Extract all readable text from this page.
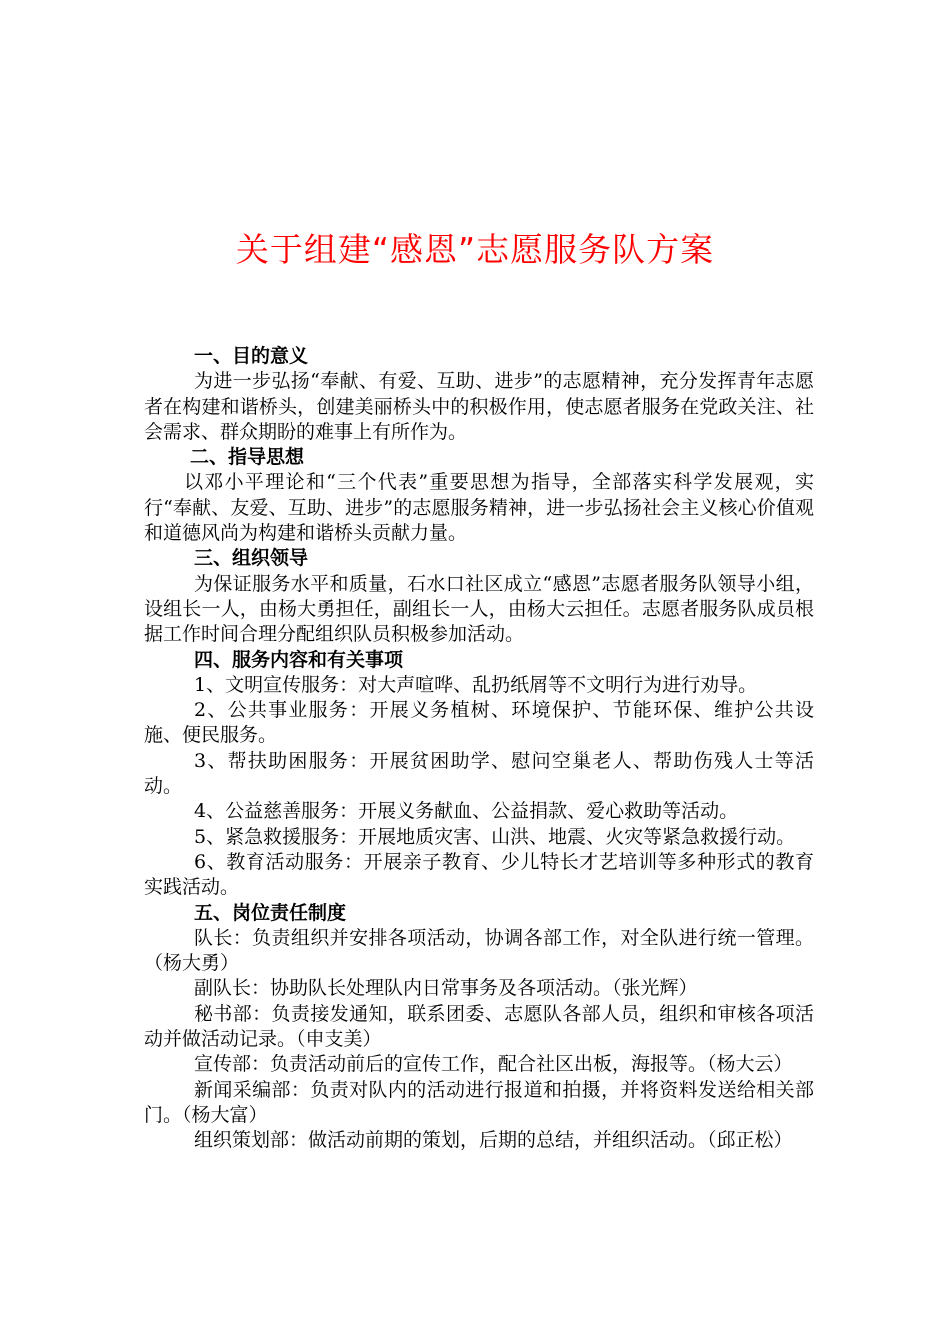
关于组建“感恩”志愿服务队方案

一、目的意义

为进一步弘扬“奉献、有爱、互助、进步”的志愿精神，充分发挥青年志愿者在构建和谐桥头，创建美丽桥头中的积极作用，使志愿者服务在党政关注、社会需求、群众期盼的难事上有所作为。

二、指导思想

以邓小平理论和“三个代表”重要思想为指导，全部落实科学发展观，实行“奉献、友爱、互助、进步”的志愿服务精神，进一步弘扬社会主义核心价值观和道德风尚为构建和谐桥头贡献力量。

三、组织领导

为保证服务水平和质量，石水口社区成立“感恩”志愿者服务队领导小组，设组长一人，由杨大勇担任，副组长一人，由杨大云担任。志愿者服务队成员根据工作时间合理分配组织队员积极参加活动。

四、服务内容和有关事项

1、文明宣传服务：对大声喧哗、乱扔纸屑等不文明行为进行劝导。

2、公共事业服务：开展义务植树、环境保护、节能环保、维护公共设施、便民服务。

3、帮扶助困服务：开展贫困助学、慰问空巢老人、帮助伤残人士等活动。

4、公益慈善服务：开展义务献血、公益捐款、爱心救助等活动。

5、紧急救援服务：开展地质灾害、山洪、地震、火灾等紧急救援行动。

6、教育活动服务：开展亲子教育、少儿特长才艺培训等多种形式的教育实践活动。

五、岗位责任制度

队长：负责组织并安排各项活动，协调各部工作，对全队进行统一管理。（杨大勇）

副队长：协助队长处理队内日常事务及各项活动。（张光辉）

秘书部：负责接发通知，联系团委、志愿队各部人员，组织和审核各项活动并做活动记录。（申支美）

宣传部：负责活动前后的宣传工作，配合社区出板，海报等。（杨大云）

新闻采编部：负责对队内的活动进行报道和拍摄，并将资料发送给相关部门。（杨大富）

组织策划部：做活动前期的策划，后期的总结，并组织活动。（邱正松）
